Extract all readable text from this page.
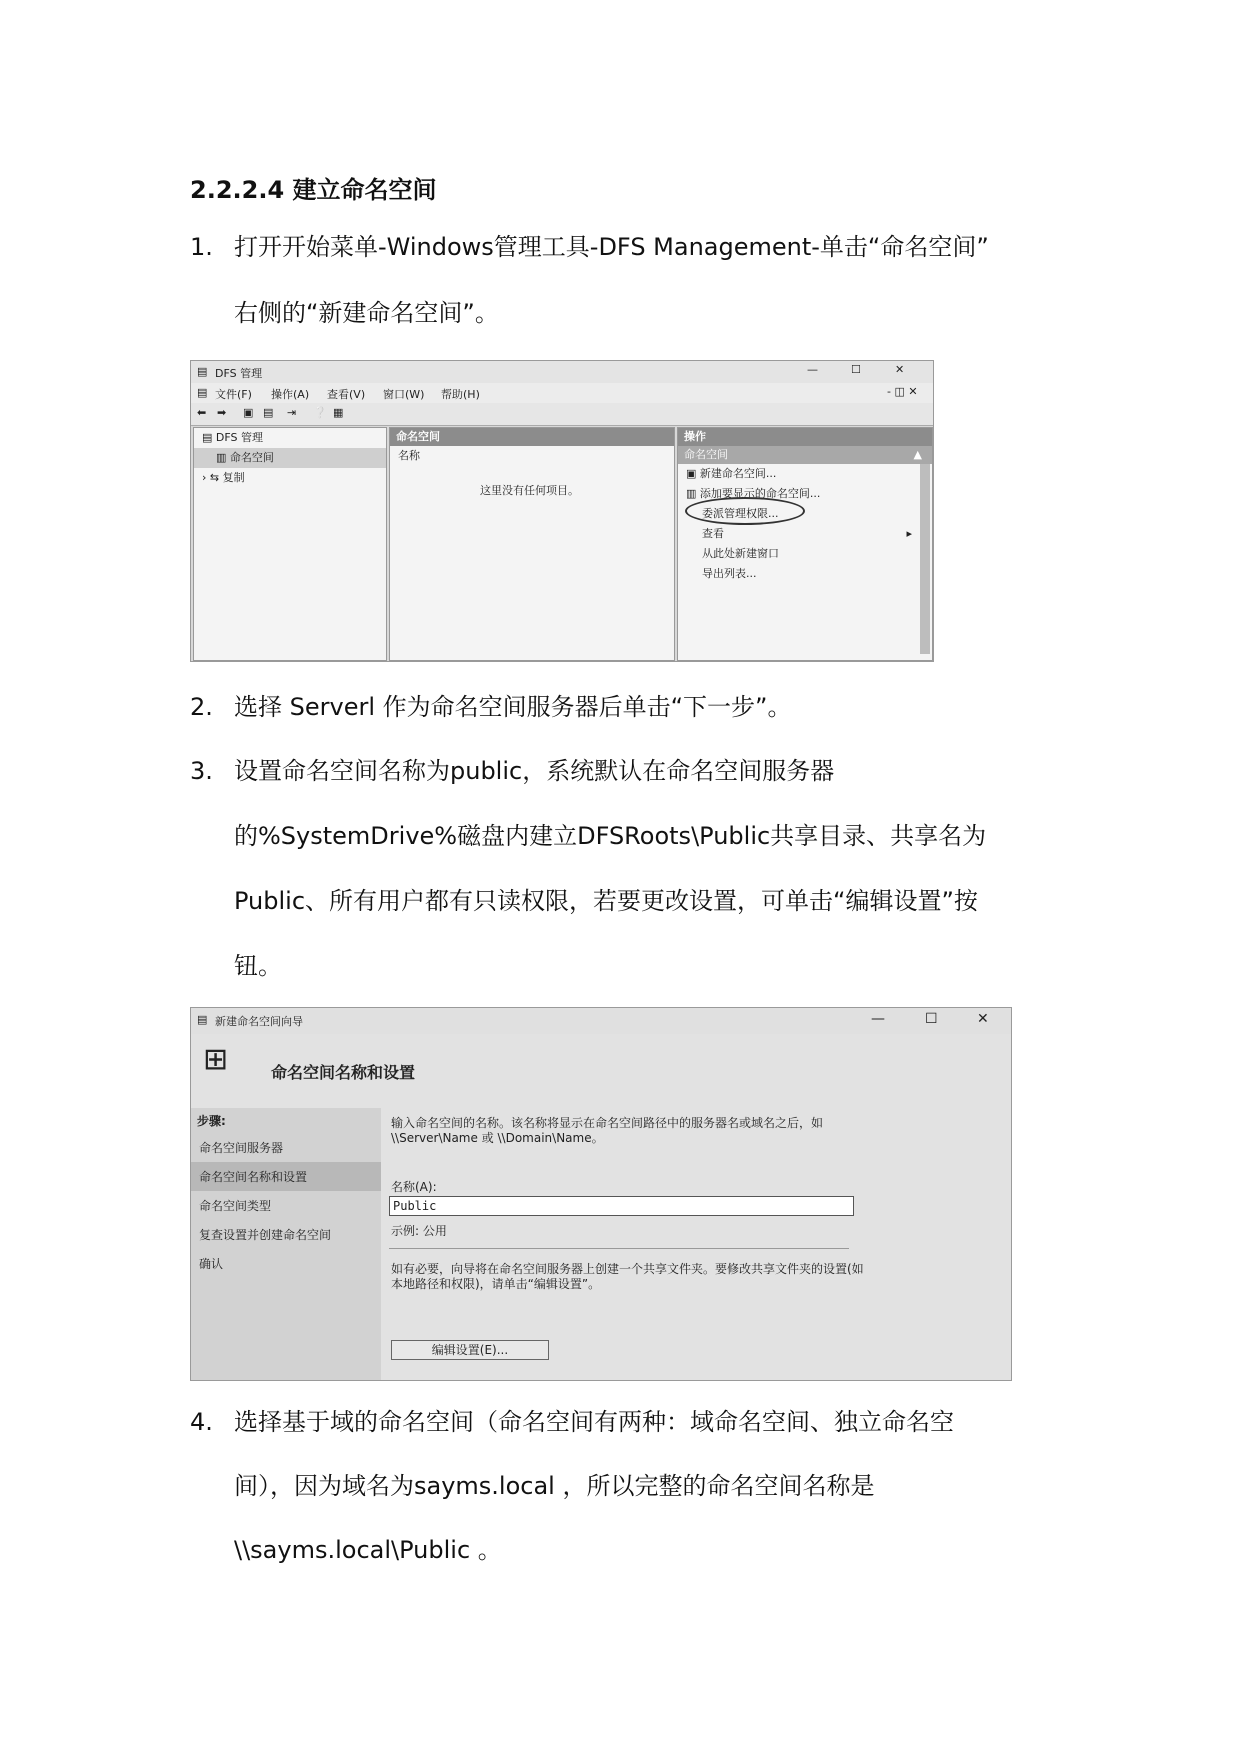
2.2.2.4 建立命名空间
1. 打开开始菜单-Windows管理工具-DFS Management-单击“命名空间”
右侧的“新建命名空间”。
▤ DFS 管理	—	☐	✕
▤ 文件(F) 操作(A) 查看(V) 窗口(W) 帮助(H)	- ◫ ✕
⬅ ➡ ▣ ▤ ⇥ ❔ ▦
▤ DFS 管理
▥ 命名空间
› ⇆ 复制
命名空间
名称
这里没有任何项目。
操作
命名空间	▲
▣ 新建命名空间...
▥ 添加要显示的命名空间...
委派管理权限...
查看	▸
从此处新建窗口
导出列表...
2. 选择 Serverl 作为命名空间服务器后单击“下一步”。
3. 设置命名空间名称为public，系统默认在命名空间服务器
的%SystemDrive%磁盘内建立DFSRoots\Public共享目录、共享名为
Public、所有用户都有只读权限，若要更改设置，可单击“编辑设置”按
钮。
▤ 新建命名空间向导	—	☐	✕
⊞	命名空间名称和设置
步骤:
命名空间服务器
命名空间名称和设置
命名空间类型
复查设置并创建命名空间
确认
输入命名空间的名称。该名称将显示在命名空间路径中的服务器名或域名之后，如 \\Server\Name 或 \\Domain\Name。
名称(A):
Public
示例: 公用
如有必要，向导将在命名空间服务器上创建一个共享文件夹。要修改共享文件夹的设置(如本地路径和权限)，请单击“编辑设置”。
编辑设置(E)...
4. 选择基于域的命名空间（命名空间有两种：域命名空间、独立命名空
间），因为域名为sayms.local ，所以完整的命名空间名称是
\\sayms.local\Public 。
